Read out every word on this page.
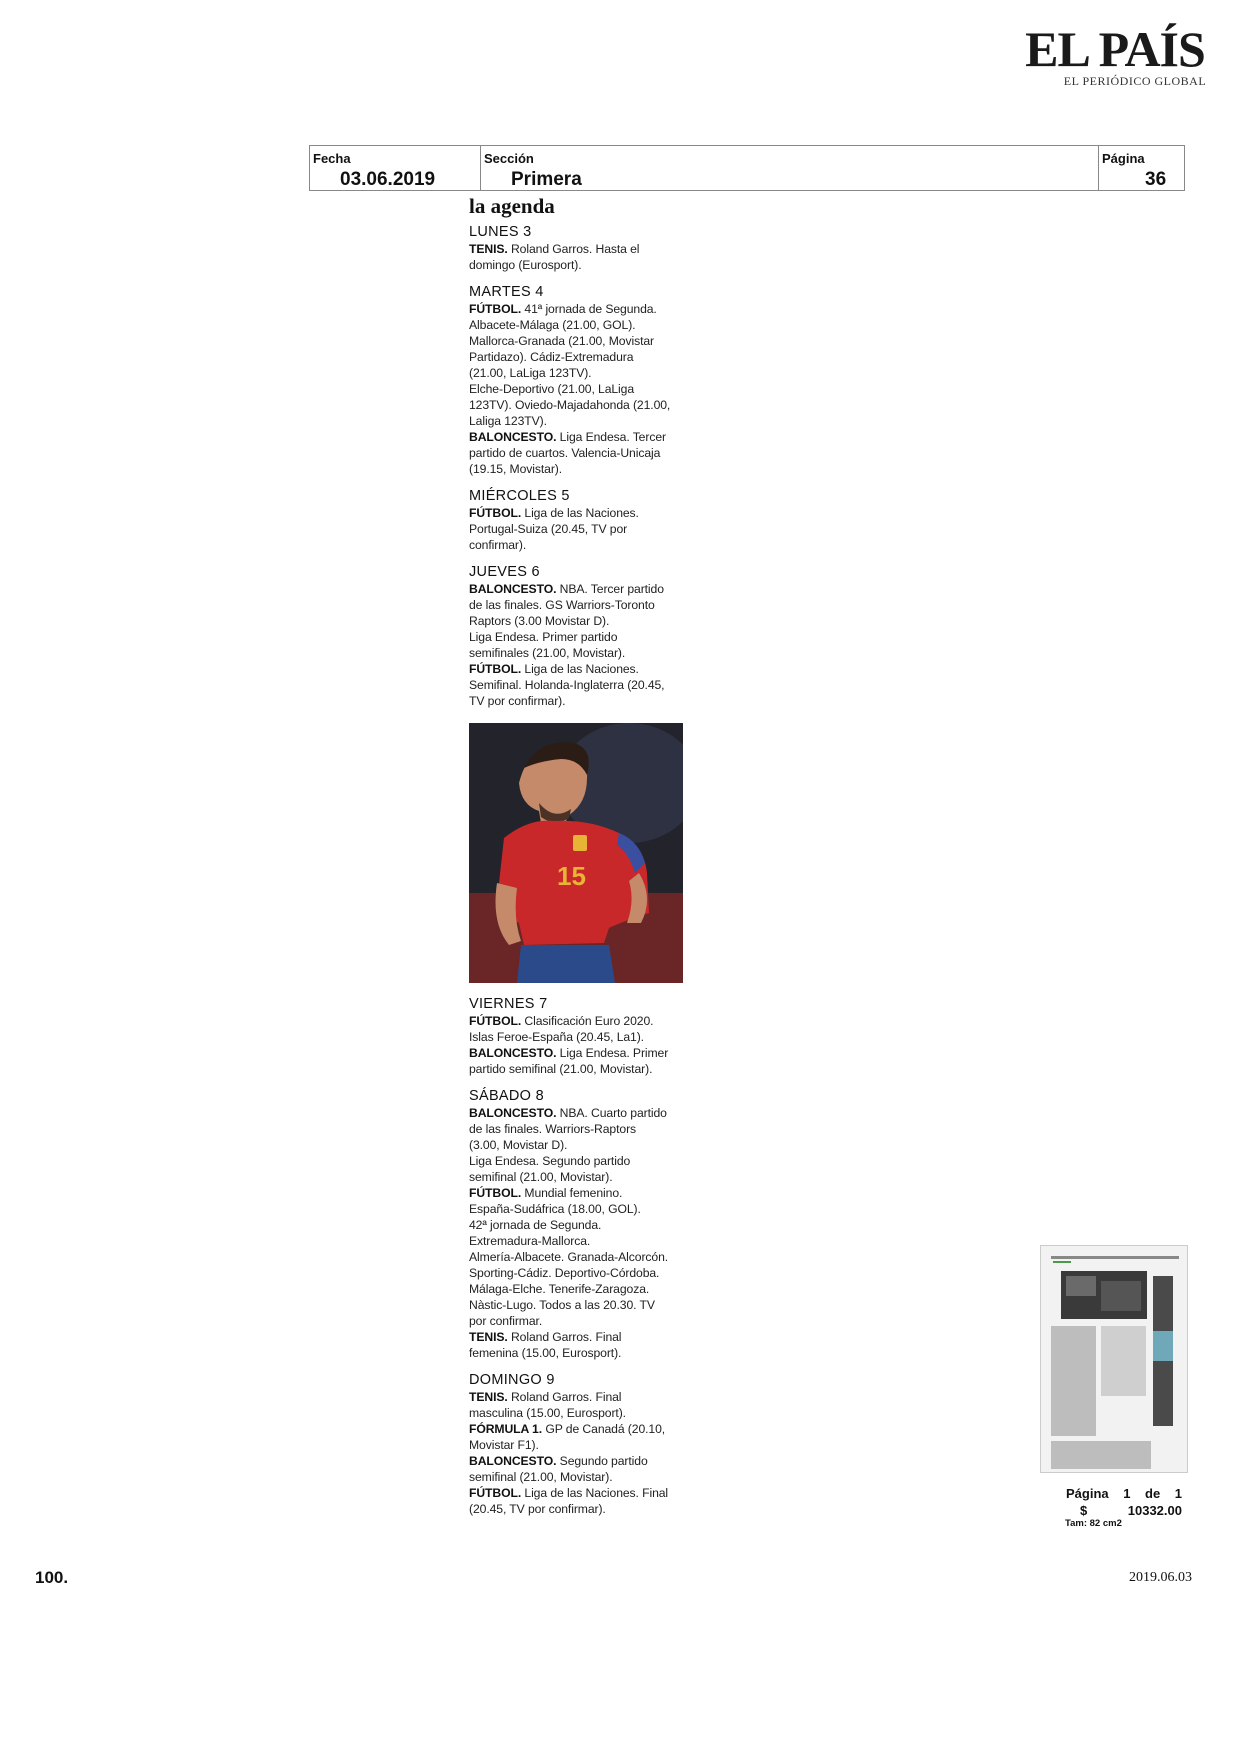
EL PAÍS
EL PERIÓDICO GLOBAL
Fecha
03.06.2019
Sección
Primera
Página
36
la agenda
LUNES 3
TENIS. Roland Garros. Hasta el
domingo (Eurosport).
MARTES 4
FÚTBOL. 41ª jornada de Segunda.
Albacete-Málaga (21.00, GOL).
Mallorca-Granada (21.00, Movistar
Partidazo). Cádiz-Extremadura
(21.00, LaLiga 123TV).
Elche-Deportivo (21.00, LaLiga
123TV). Oviedo-Majadahonda (21.00,
Laliga 123TV).
BALONCESTO. Liga Endesa. Tercer
partido de cuartos. Valencia-Unicaja
(19.15, Movistar).
MIÉRCOLES 5
FÚTBOL. Liga de las Naciones.
Portugal-Suiza (20.45, TV por
confirmar).
JUEVES 6
BALONCESTO. NBA. Tercer partido
de las finales. GS Warriors-Toronto
Raptors (3.00 Movistar D).
Liga Endesa. Primer partido
semifinales (21.00, Movistar).
FÚTBOL. Liga de las Naciones.
Semifinal. Holanda-Inglaterra (20.45,
TV por confirmar).
15
VIERNES 7
FÚTBOL. Clasificación Euro 2020.
Islas Feroe-España (20.45, La1).
BALONCESTO. Liga Endesa. Primer
partido semifinal (21.00, Movistar).
SÁBADO 8
BALONCESTO. NBA. Cuarto partido
de las finales. Warriors-Raptors
(3.00, Movistar D).
Liga Endesa. Segundo partido
semifinal (21.00, Movistar).
FÚTBOL. Mundial femenino.
España-Sudáfrica (18.00, GOL).
42ª jornada de Segunda.
Extremadura-Mallorca.
Almería-Albacete. Granada-Alcorcón.
Sporting-Cádiz. Deportivo-Córdoba.
Málaga-Elche. Tenerife-Zaragoza.
Nàstic-Lugo. Todos a las 20.30. TV
por confirmar.
TENIS. Roland Garros. Final
femenina (15.00, Eurosport).
DOMINGO 9
TENIS. Roland Garros. Final
masculina (15.00, Eurosport).
FÓRMULA 1. GP de Canadá (20.10,
Movistar F1).
BALONCESTO. Segundo partido
semifinal (21.00, Movistar).
FÚTBOL. Liga de las Naciones. Final
(20.45, TV por confirmar).
Página 1 de 1
$	10332.00
Tam: 82 cm2
100.	2019.06.03
